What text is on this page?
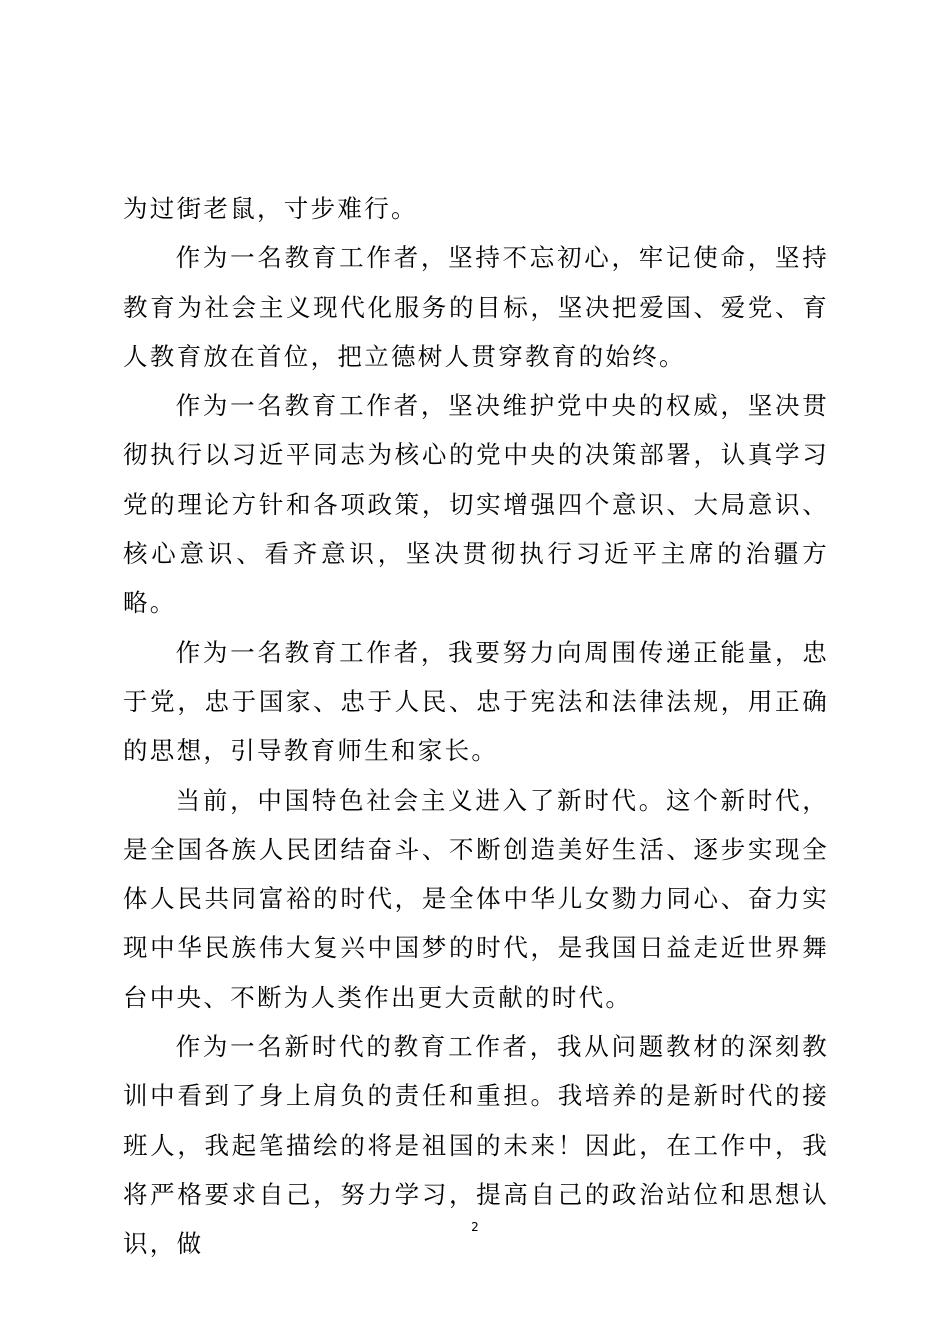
为过街老鼠，寸步难行。

作为一名教育工作者，坚持不忘初心，牢记使命，坚持教育为社会主义现代化服务的目标，坚决把爱国、爱党、育人教育放在首位，把立德树人贯穿教育的始终。

作为一名教育工作者，坚决维护党中央的权威，坚决贯彻执行以习近平同志为核心的党中央的决策部署，认真学习党的理论方针和各项政策，切实增强四个意识、大局意识、核心意识、看齐意识，坚决贯彻执行习近平主席的治疆方略。

作为一名教育工作者，我要努力向周围传递正能量，忠于党，忠于国家、忠于人民、忠于宪法和法律法规，用正确的思想，引导教育师生和家长。

当前，中国特色社会主义进入了新时代。这个新时代，是全国各族人民团结奋斗、不断创造美好生活、逐步实现全体人民共同富裕的时代，是全体中华儿女勠力同心、奋力实现中华民族伟大复兴中国梦的时代，是我国日益走近世界舞台中央、不断为人类作出更大贡献的时代。

作为一名新时代的教育工作者，我从问题教材的深刻教训中看到了身上肩负的责任和重担。我培养的是新时代的接班人，我起笔描绘的将是祖国的未来！因此，在工作中，我将严格要求自己，努力学习，提高自己的政治站位和思想认识，做

2
